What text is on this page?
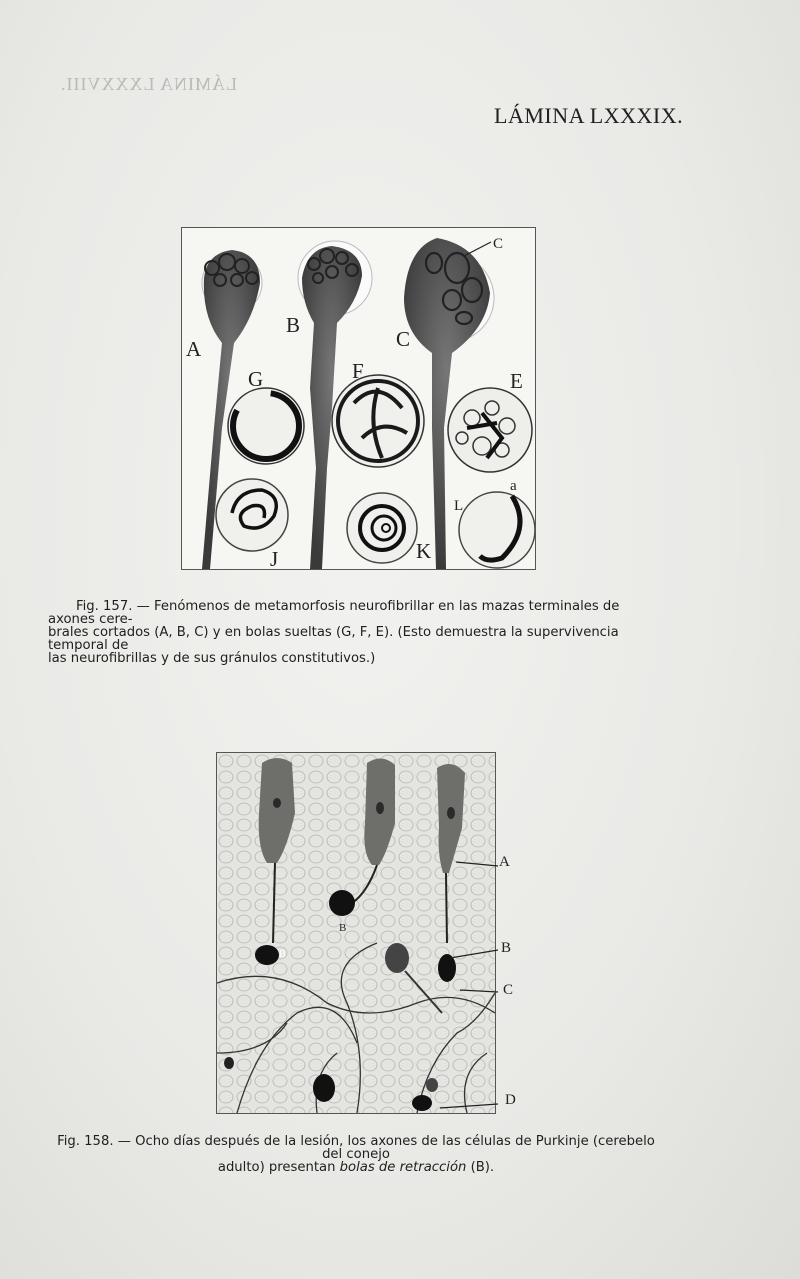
LÁMINA LXXXVIII.
LÁMINA LXXXIX.
A
B
C
C
G	F	E
J	K
L
a
Fig. 157. — Fenómenos de metamorfosis neurofibrillar en las mazas terminales de axones cere-
brales cortados (A, B, C) y en bolas sueltas (G, F, E). (Esto demuestra la supervivencia temporal de
las neurofibrillas y de sus gránulos constitutivos.)
B
B
A
B
C
D
Fig. 158. — Ocho días después de la lesión, los axones de las células de Purkinje (cerebelo del conejo
adulto) presentan bolas de retracción (B).
